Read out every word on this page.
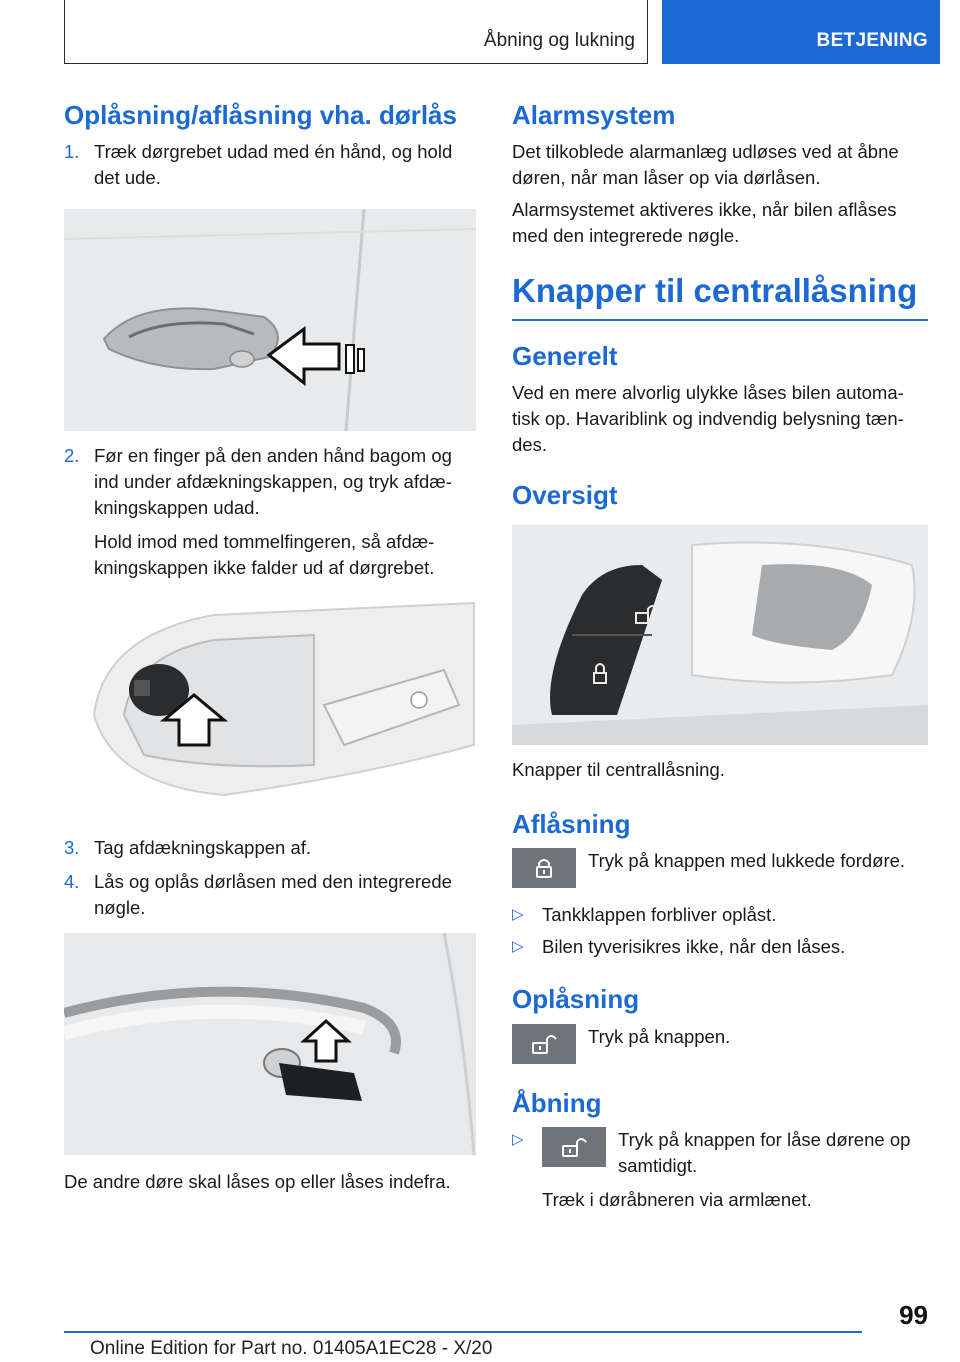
Åbning og lukning	BETJENING
Oplåsning/aflåsning vha. dørlås
1. Træk dørgrebet udad med én hånd, og hold det ude.
2. Før en finger på den anden hånd bagom og ind under afdækningskappen, og tryk afdæ-kningskappen udad.
Hold imod med tommelfingeren, så afdæ-kningskappen ikke falder ud af dørgrebet.
3. Tag afdækningskappen af.
4. Lås og oplås dørlåsen med den integrerede nøgle.

De andre døre skal låses op eller låses indefra.

Alarmsystem

Det tilkoblede alarmanlæg udløses ved at åbne døren, når man låser op via dørlåsen.

Alarmsystemet aktiveres ikke, når bilen aflåses med den integrerede nøgle.

Knapper til centrallåsning
Generelt

Ved en mere alvorlig ulykke låses bilen automa-tisk op. Havariblink og indvendig belysning tæn-des.

Oversigt

Knapper til centrallåsning.

Aflåsning

Tryk på knappen med lukkede fordøre.

▷ Tankklappen forbliver oplåst.
▷ Bilen tyverisikres ikke, når den låses.
Oplåsning

Tryk på knappen.

Åbning
▷	Tryk på knappen for låse dørene op samtidigt.
Træk i døråbneren via armlænet.
99
Online Edition for Part no. 01405A1EC28 - X/20
